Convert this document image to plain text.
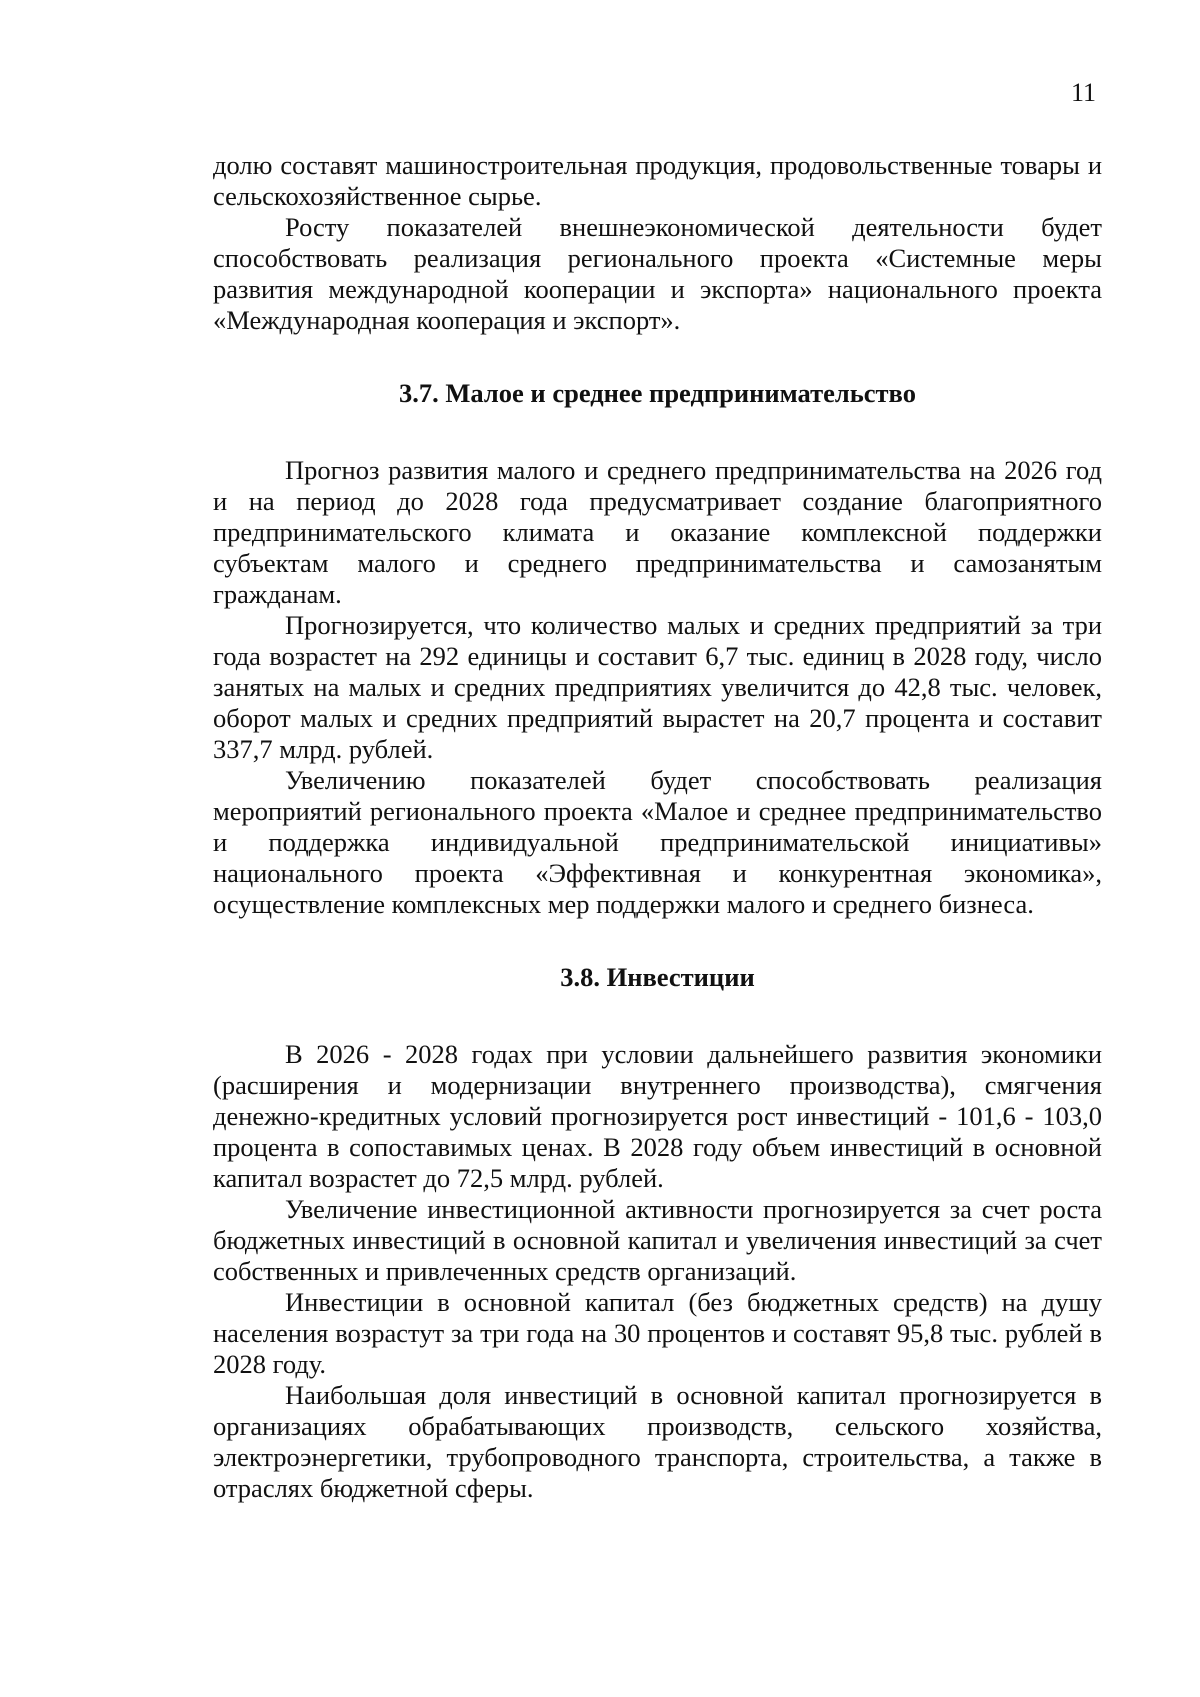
11

долю составят машиностроительная продукция, продовольственные товары и сельскохозяйственное сырье.

Росту показателей внешнеэкономической деятельности будет способствовать реализация регионального проекта «Системные меры развития международной кооперации и экспорта» национального проекта «Международная кооперация и экспорт».

3.7. Малое и среднее предпринимательство

Прогноз развития малого и среднего предпринимательства на 2026 год и на период до 2028 года предусматривает создание благоприятного предпринимательского климата и оказание комплексной поддержки субъектам малого и среднего предпринимательства и самозанятым гражданам.

Прогнозируется, что количество малых и средних предприятий за три года возрастет на 292 единицы и составит 6,7 тыс. единиц в 2028 году, число занятых на малых и средних предприятиях увеличится до 42,8 тыс. человек, оборот малых и средних предприятий вырастет на 20,7 процента и составит 337,7 млрд. рублей.

Увеличению показателей будет способствовать реализация мероприятий регионального проекта «Малое и среднее предпринимательство и поддержка индивидуальной предпринимательской инициативы» национального проекта «Эффективная и конкурентная экономика», осуществление комплексных мер поддержки малого и среднего бизнеса.

3.8. Инвестиции

В 2026 - 2028 годах при условии дальнейшего развития экономики (расширения и модернизации внутреннего производства), смягчения денежно-кредитных условий прогнозируется рост инвестиций - 101,6 - 103,0 процента в сопоставимых ценах. В 2028 году объем инвестиций в основной капитал возрастет до 72,5 млрд. рублей.

Увеличение инвестиционной активности прогнозируется за счет роста бюджетных инвестиций в основной капитал и увеличения инвестиций за счет собственных и привлеченных средств организаций.

Инвестиции в основной капитал (без бюджетных средств) на душу населения возрастут за три года на 30 процентов и составят 95,8 тыс. рублей в 2028 году.

Наибольшая доля инвестиций в основной капитал прогнозируется в организациях обрабатывающих производств, сельского хозяйства, электроэнергетики, трубопроводного транспорта, строительства, а также в отраслях бюджетной сферы.
